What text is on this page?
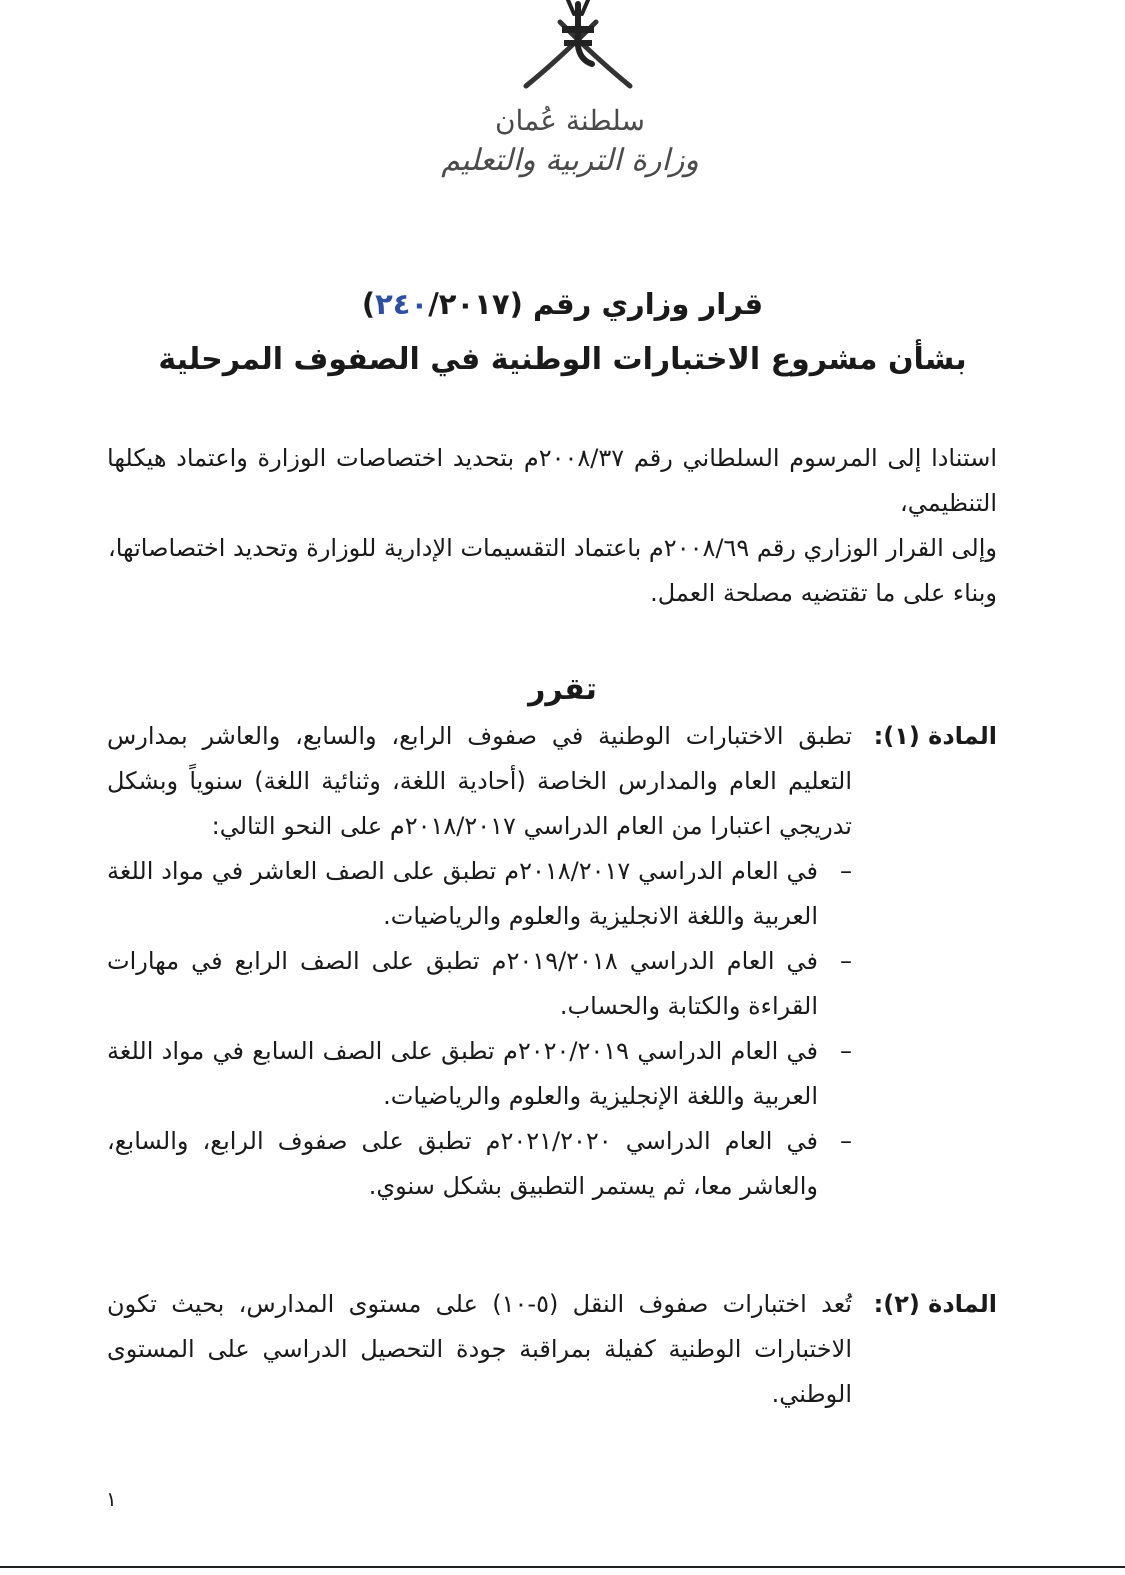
سلطنة عُمان
وزارة التربية والتعليم
قرار وزاري رقم (٢٤٠/٢٠١٧)
بشأن مشروع الاختبارات الوطنية في الصفوف المرحلية

استنادا إلى المرسوم السلطاني رقم ٢٠٠٨/٣٧م بتحديد اختصاصات الوزارة واعتماد هيكلها التنظيمي،

وإلى القرار الوزاري رقم ٢٠٠٨/٦٩م باعتماد التقسيمات الإدارية للوزارة وتحديد اختصاصاتها،

وبناء على ما تقتضيه مصلحة العمل.

تقرر
المادة (١):

تطبق الاختبارات الوطنية في صفوف الرابع، والسابع، والعاشر بمدارس التعليم العام والمدارس الخاصة (أحادية اللغة، وثنائية اللغة) سنوياً وبشكل تدريجي اعتبارا من العام الدراسي ٢٠١٨/٢٠١٧م على النحو التالي:

–
في العام الدراسي ٢٠١٨/٢٠١٧م تطبق على الصف العاشر في مواد اللغة العربية واللغة الانجليزية والعلوم والرياضيات.

–
في العام الدراسي ٢٠١٩/٢٠١٨م تطبق على الصف الرابع في مهارات القراءة والكتابة والحساب.

–
في العام الدراسي ٢٠٢٠/٢٠١٩م تطبق على الصف السابع في مواد اللغة العربية واللغة الإنجليزية والعلوم والرياضيات.

–
في العام الدراسي ٢٠٢١/٢٠٢٠م تطبق على صفوف الرابع، والسابع، والعاشر معا، ثم يستمر التطبيق بشكل سنوي.

المادة (٢):

تُعد اختبارات صفوف النقل (٥-١٠) على مستوى المدارس، بحيث تكون الاختبارات الوطنية كفيلة بمراقبة جودة التحصيل الدراسي على المستوى الوطني.

١
